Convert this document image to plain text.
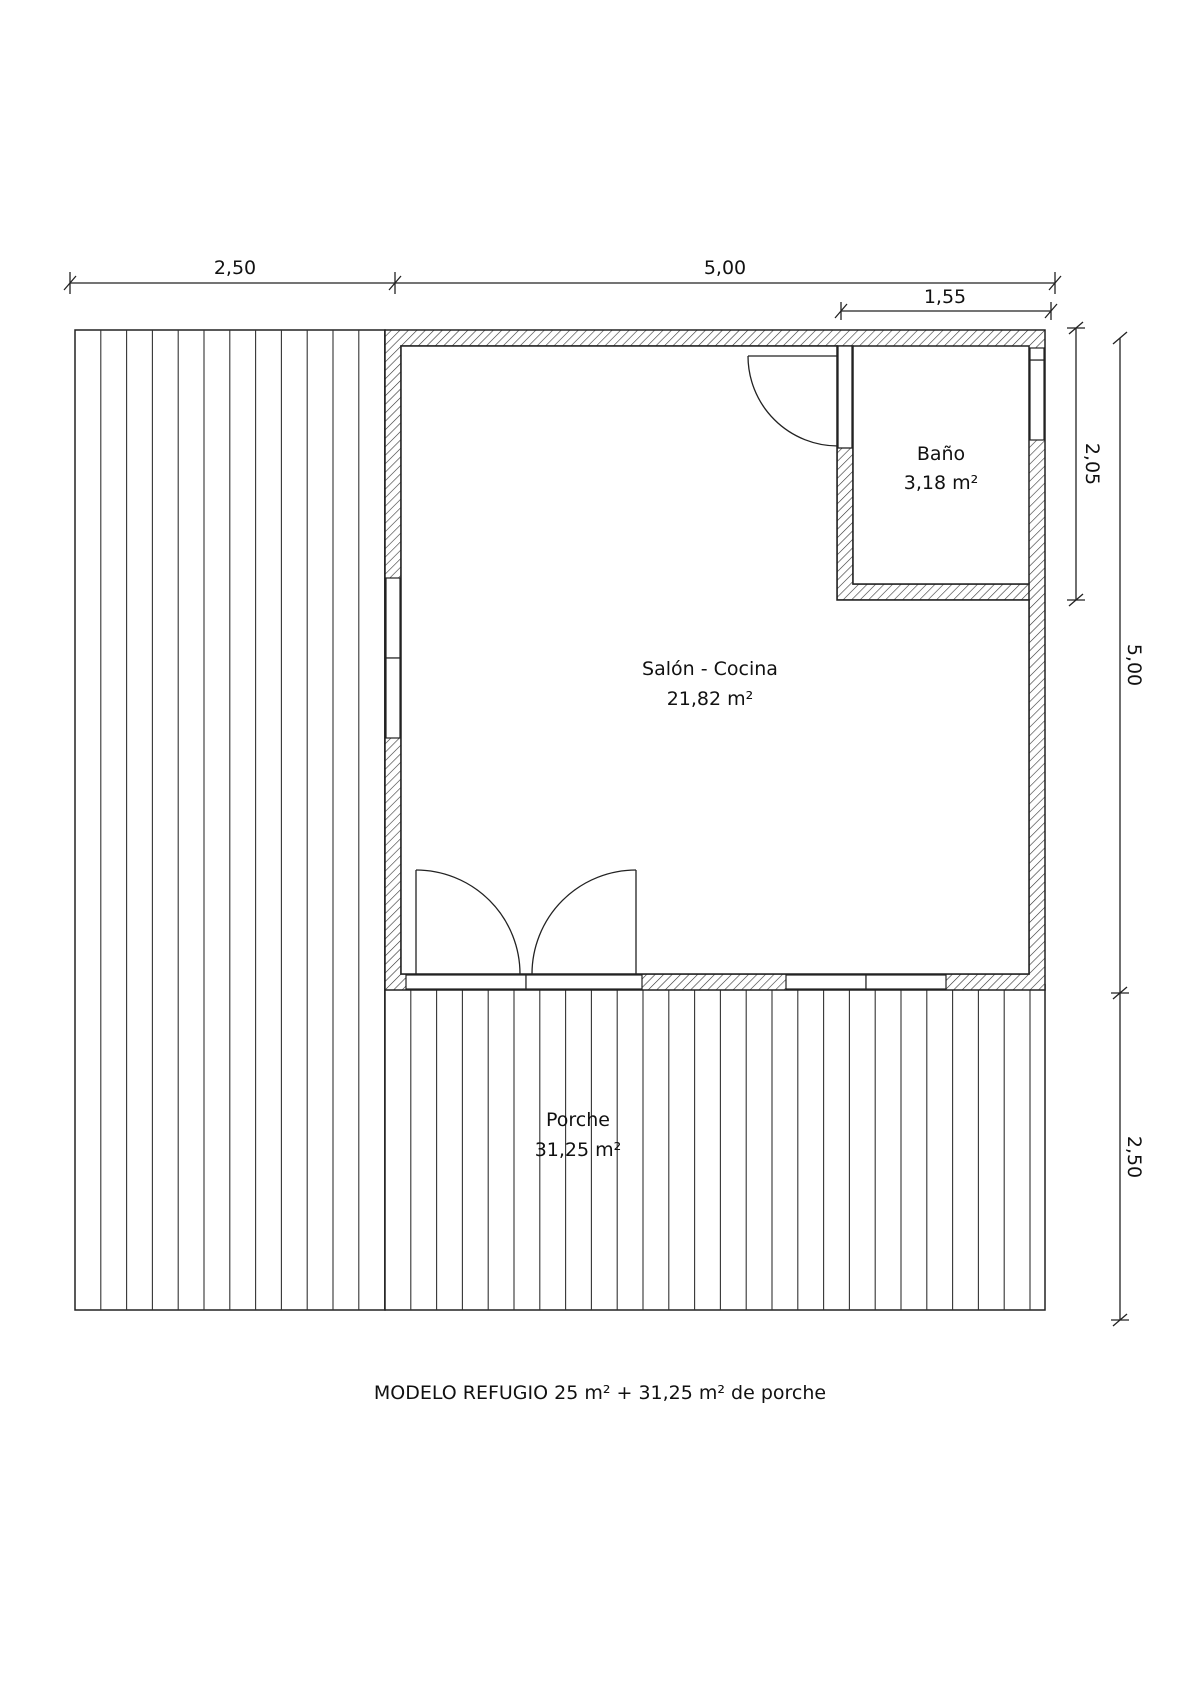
2,50	5,00
1,55
2,05
5,00
2,50
Baño
3,18 m²
Salón - Cocina
21,82 m²
Porche
31,25 m²
MODELO REFUGIO 25 m² + 31,25 m² de porche
